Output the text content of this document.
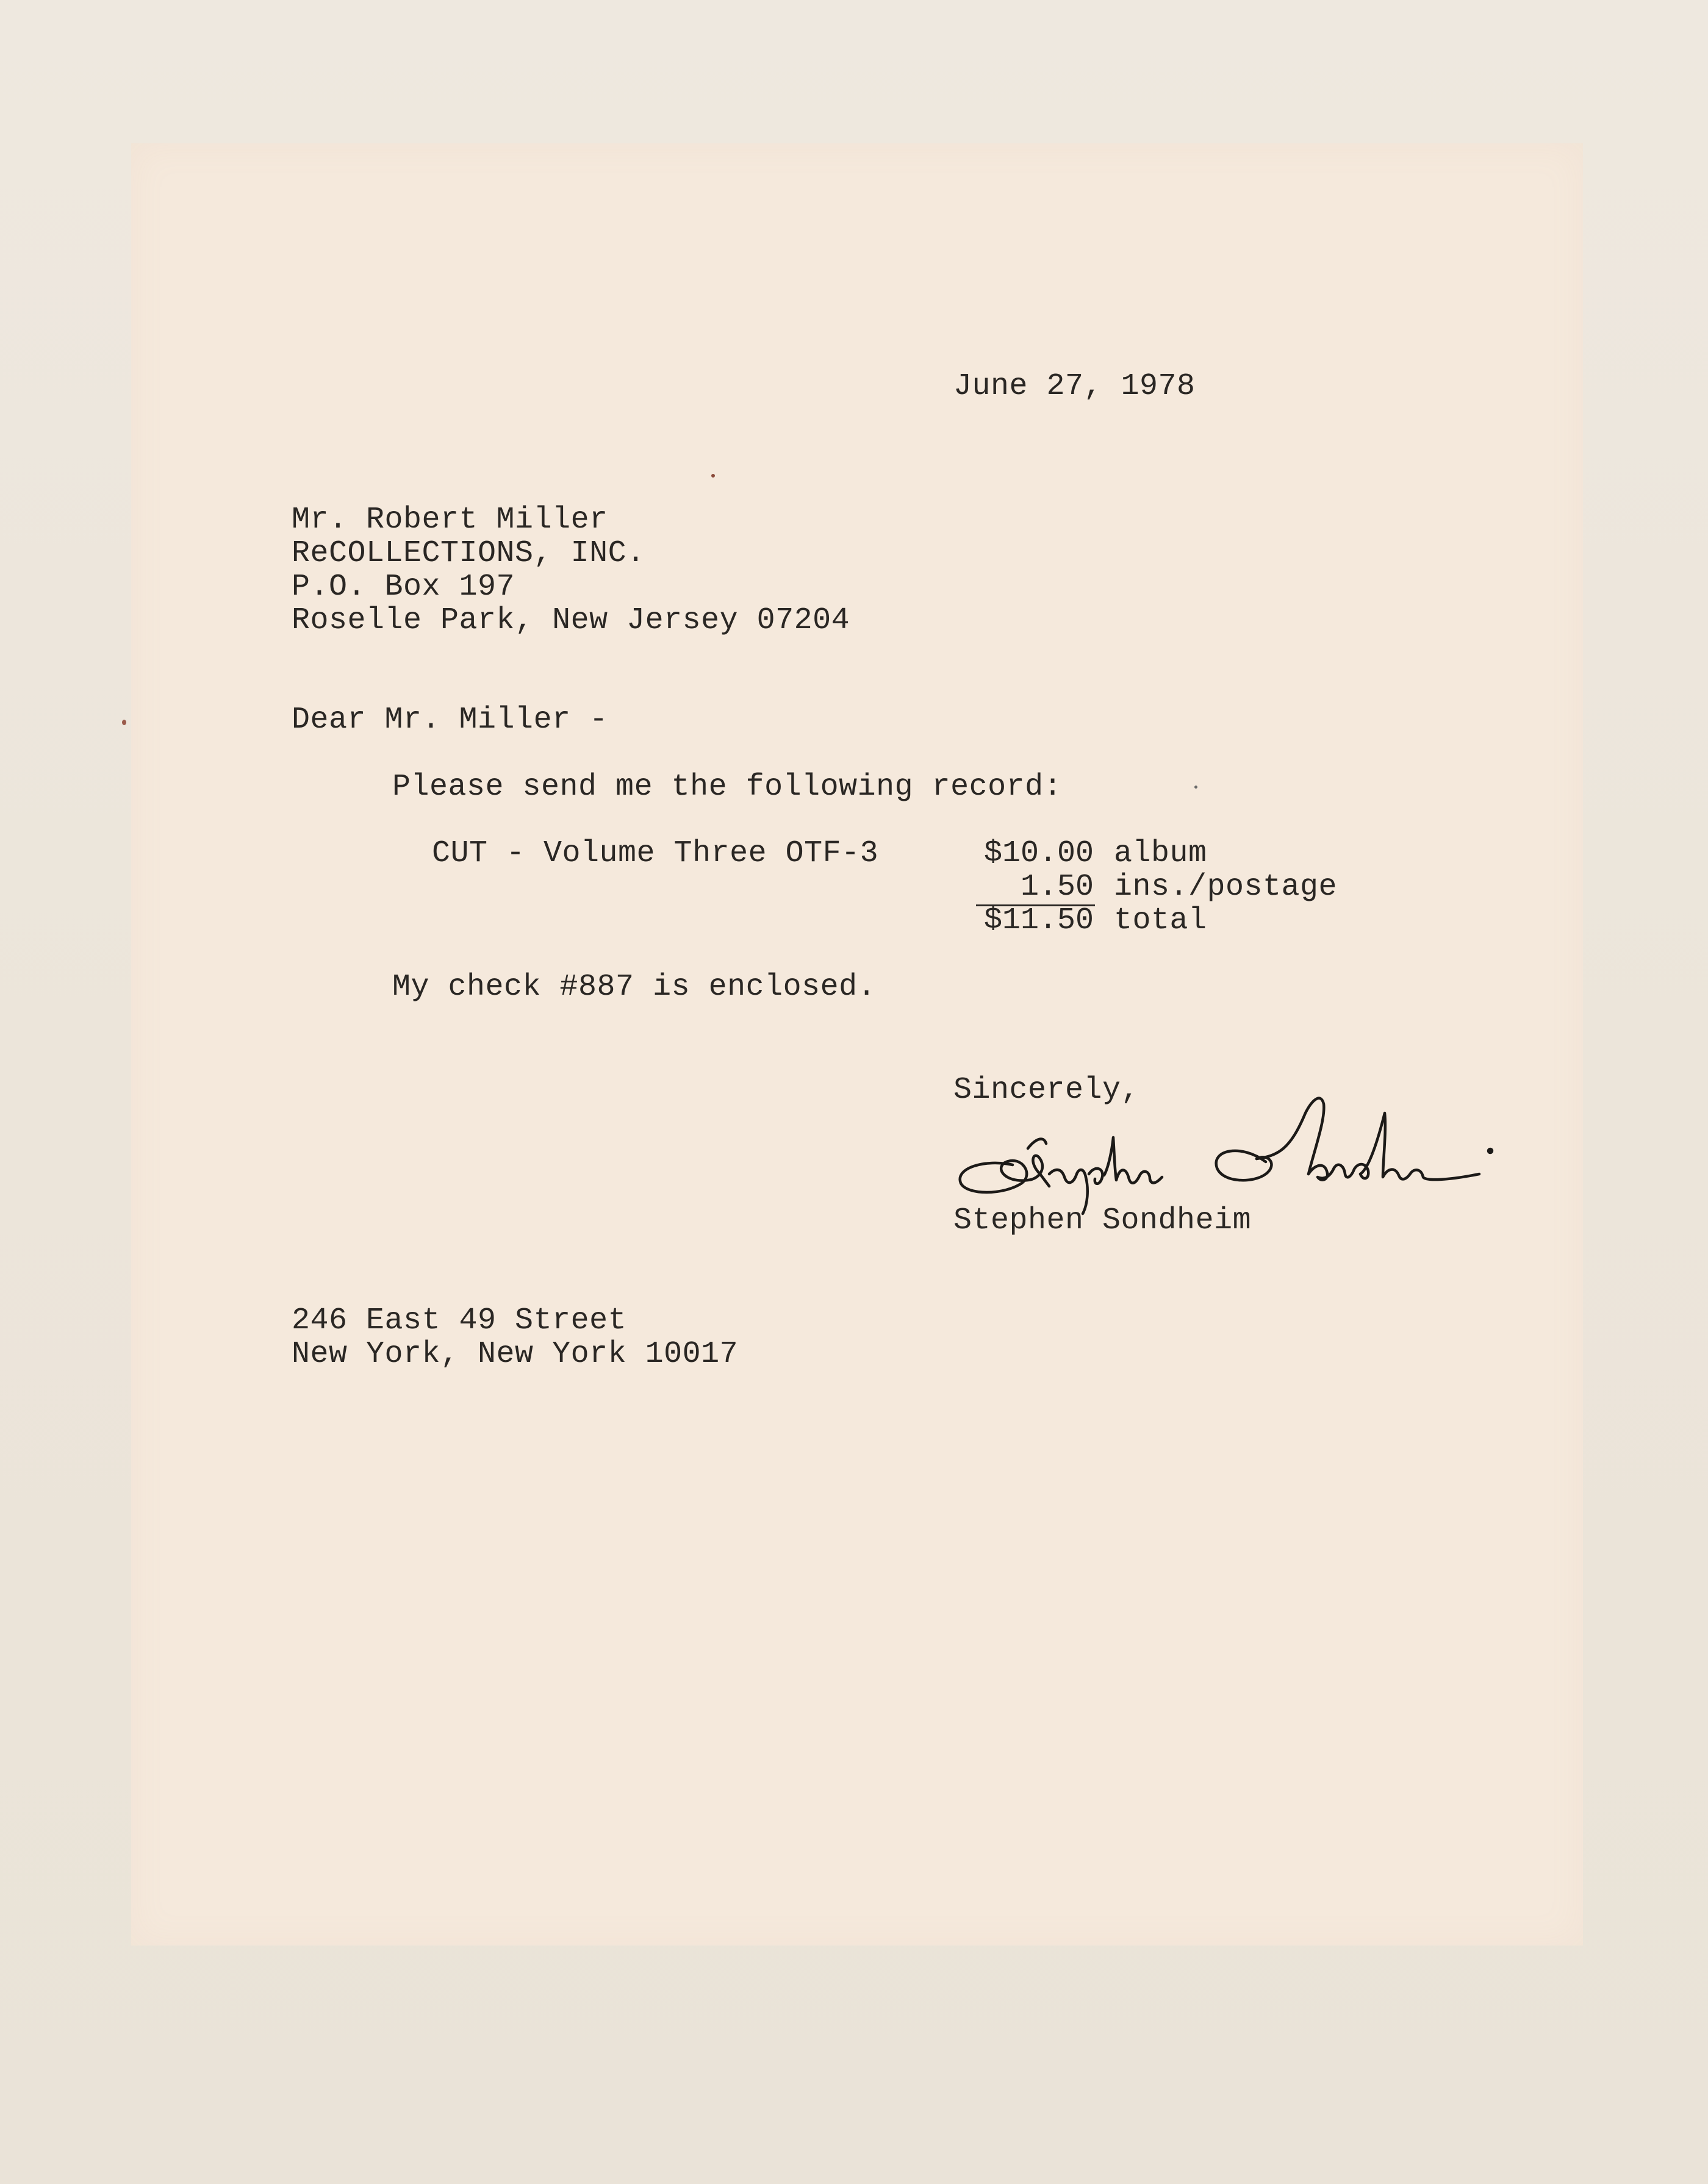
June 27, 1978
Mr. Robert Miller
ReCOLLECTIONS, INC.
P.O. Box 197
Roselle Park, New Jersey 07204
Dear Mr. Miller -
Please send me the following record:
CUT - Volume Three OTF-3	$10.00 album
1.50 ins./postage
$11.50 total
My check #887 is enclosed.
Sincerely,
Stephen Sondheim
246 East 49 Street
New York, New York 10017
